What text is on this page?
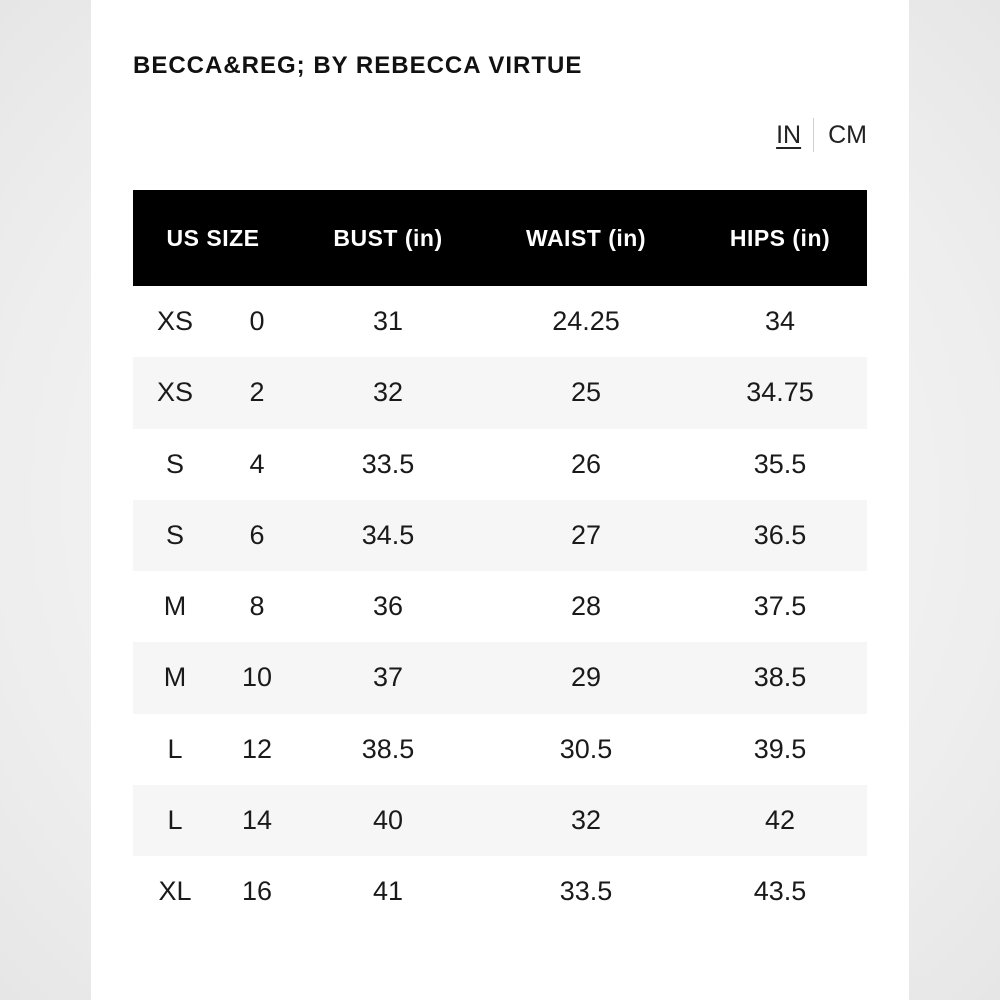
BECCA&REG; BY REBECCA VIRTUE
IN	CM
US SIZE	BUST (in)	WAIST (in)	HIPS (in)
XS	0	31	24.25	34
XS	2	32	25	34.75
S	4	33.5	26	35.5
S	6	34.5	27	36.5
M	8	36	28	37.5
M	10	37	29	38.5
L	12	38.5	30.5	39.5
L	14	40	32	42
XL	16	41	33.5	43.5
